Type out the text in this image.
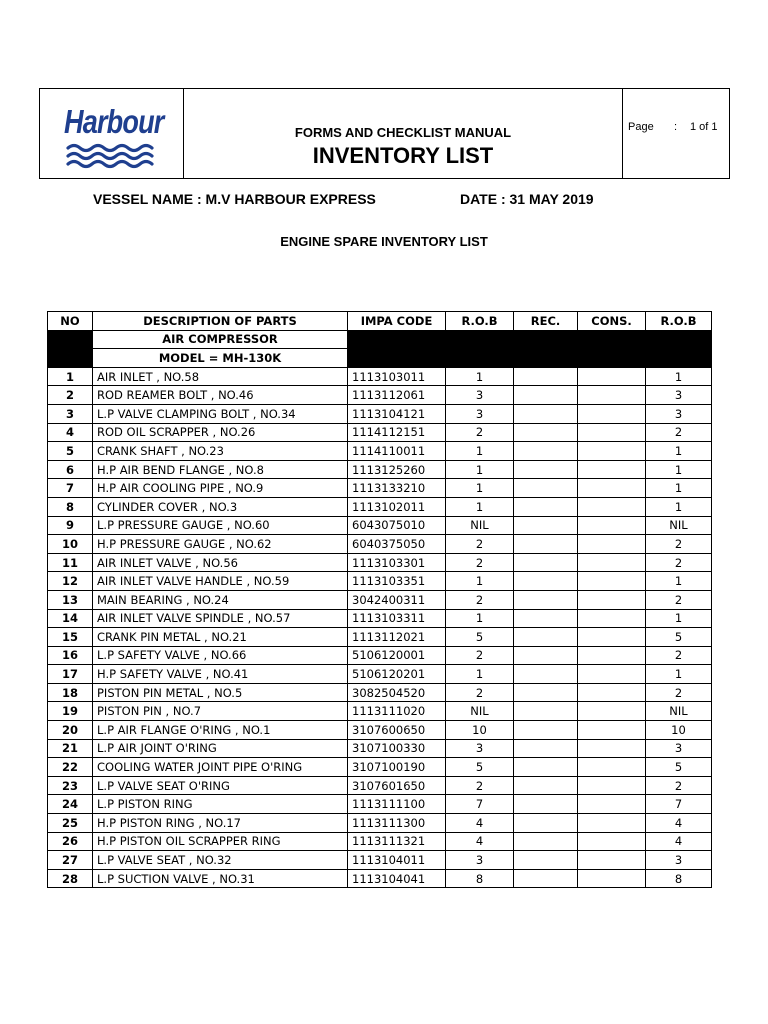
Harbour	FORMS AND CHECKLIST MANUAL
INVENTORY LIST
Page : 1 of 1
VESSEL NAME : M.V HARBOUR EXPRESS	DATE : 31 MAY 2019
ENGINE SPARE INVENTORY LIST
NO	DESCRIPTION OF PARTS	IMPA CODE	R.O.B	REC.	CONS.	R.O.B
	AIR COMPRESSOR					
	MODEL = MH-130K					
1	AIR INLET , NO.58	1113103011	1			1
2	ROD REAMER BOLT , NO.46	1113112061	3			3
3	L.P VALVE CLAMPING BOLT , NO.34	1113104121	3			3
4	ROD OIL SCRAPPER , NO.26	1114112151	2			2
5	CRANK SHAFT , NO.23	1114110011	1			1
6	H.P AIR BEND FLANGE , NO.8	1113125260	1			1
7	H.P AIR COOLING PIPE , NO.9	1113133210	1			1
8	CYLINDER COVER , NO.3	1113102011	1			1
9	L.P PRESSURE GAUGE , NO.60	6043075010	NIL			NIL
10	H.P PRESSURE GAUGE , NO.62	6040375050	2			2
11	AIR INLET VALVE , NO.56	1113103301	2			2
12	AIR INLET VALVE HANDLE , NO.59	1113103351	1			1
13	MAIN BEARING , NO.24	3042400311	2			2
14	AIR INLET VALVE SPINDLE , NO.57	1113103311	1			1
15	CRANK PIN METAL , NO.21	1113112021	5			5
16	L.P SAFETY VALVE , NO.66	5106120001	2			2
17	H.P SAFETY VALVE , NO.41	5106120201	1			1
18	PISTON PIN METAL , NO.5	3082504520	2			2
19	PISTON PIN , NO.7	1113111020	NIL			NIL
20	L.P AIR FLANGE O'RING , NO.1	3107600650	10			10
21	L.P AIR JOINT O'RING	3107100330	3			3
22	COOLING WATER JOINT PIPE O'RING	3107100190	5			5
23	L.P VALVE SEAT O'RING	3107601650	2			2
24	L.P PISTON RING	1113111100	7			7
25	H.P PISTON RING , NO.17	1113111300	4			4
26	H.P PISTON OIL SCRAPPER RING	1113111321	4			4
27	L.P VALVE SEAT , NO.32	1113104011	3			3
28	L.P SUCTION VALVE , NO.31	1113104041	8			8
